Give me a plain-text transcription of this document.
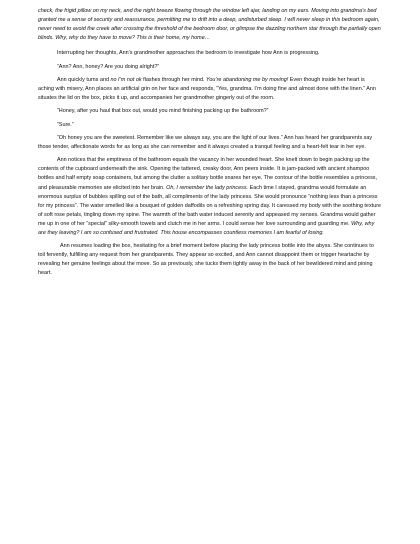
check, the frigid pillow on my neck, and the night breeze flowing through the window left ajar, landing on my ears. Moving into grandma’s bed granted me a sense of security and reassurance, permitting me to drift into a deep, undisturbed sleep. I will never sleep in this bedroom again, never need to avoid the creek after crossing the threshold of the bedroom door, or glimpse the dazzling northern star through the partially open blinds. Why, why do they have to move? This is their home, my home…

Interrupting her thoughts, Ann’s grandmother approaches the bedroom to investigate how Ann is progressing.

“Ann? Ann, honey? Are you doing alright?”

Ann quickly turns and no I’m not ok flashes through her mind. You’re abandoning me by moving! Even though inside her heart is aching with misery, Ann places an artificial grin on her face and responds, “Yes, grandma. I’m doing fine and almost done with the linen.” Ann situates the lid on the box, picks it up, and accompanies her grandmother gingerly out of the room.

“Honey, after you haul that box out, would you mind finishing packing up the bathroom?”

“Sure.”

“Oh honey you are the sweetest. Remember like we always say, you are the light of our lives.” Ann has heard her grandparents say those tender, affectionate words for as long as she can remember and it always created a tranquil feeling and a heart-felt tear in her eye.

Ann notices that the emptiness of the bathroom equals the vacancy in her wounded heart. She knelt down to begin packing up the contents of the cupboard underneath the sink. Opening the tattered, creaky door, Ann peers inside. It is jam-packed with ancient shampoo bottles and half empty soap containers, but among the clutter a solitary bottle snares her eye. The contour of the bottle resembles a princess, and pleasurable memories are elicited into her brain. Oh, I remember the lady princess. Each time I stayed, grandma would formulate an enormous surplus of bubbles spilling out of the bath, all compliments of the lady princess. She would pronounce “nothing less than a princess for my princess”. The water smelled like a bouquet of golden daffodils on a refreshing spring day. It caressed my body with the soothing texture of soft rose petals, tingling down my spine. The warmth of the bath water induced serenity and appeased my senses. Grandma would gather me up in one of her “special” silky-smooth towels and clutch me in her arms. I could sense her love surrounding and guarding me. Why, why are they leaving? I am so confused and frustrated. This house encompasses countless memories I am fearful of losing.

Ann resumes loading the box, hesitating for a brief moment before placing the lady princess bottle into the abyss. She continues to toil fervently, fulfilling any request from her grandparents. They appear so excited, and Ann cannot disappoint them or trigger heartache by revealing her genuine feelings about the move. So as previously, she tucks them tightly away in the back of her bewildered mind and pining heart.
